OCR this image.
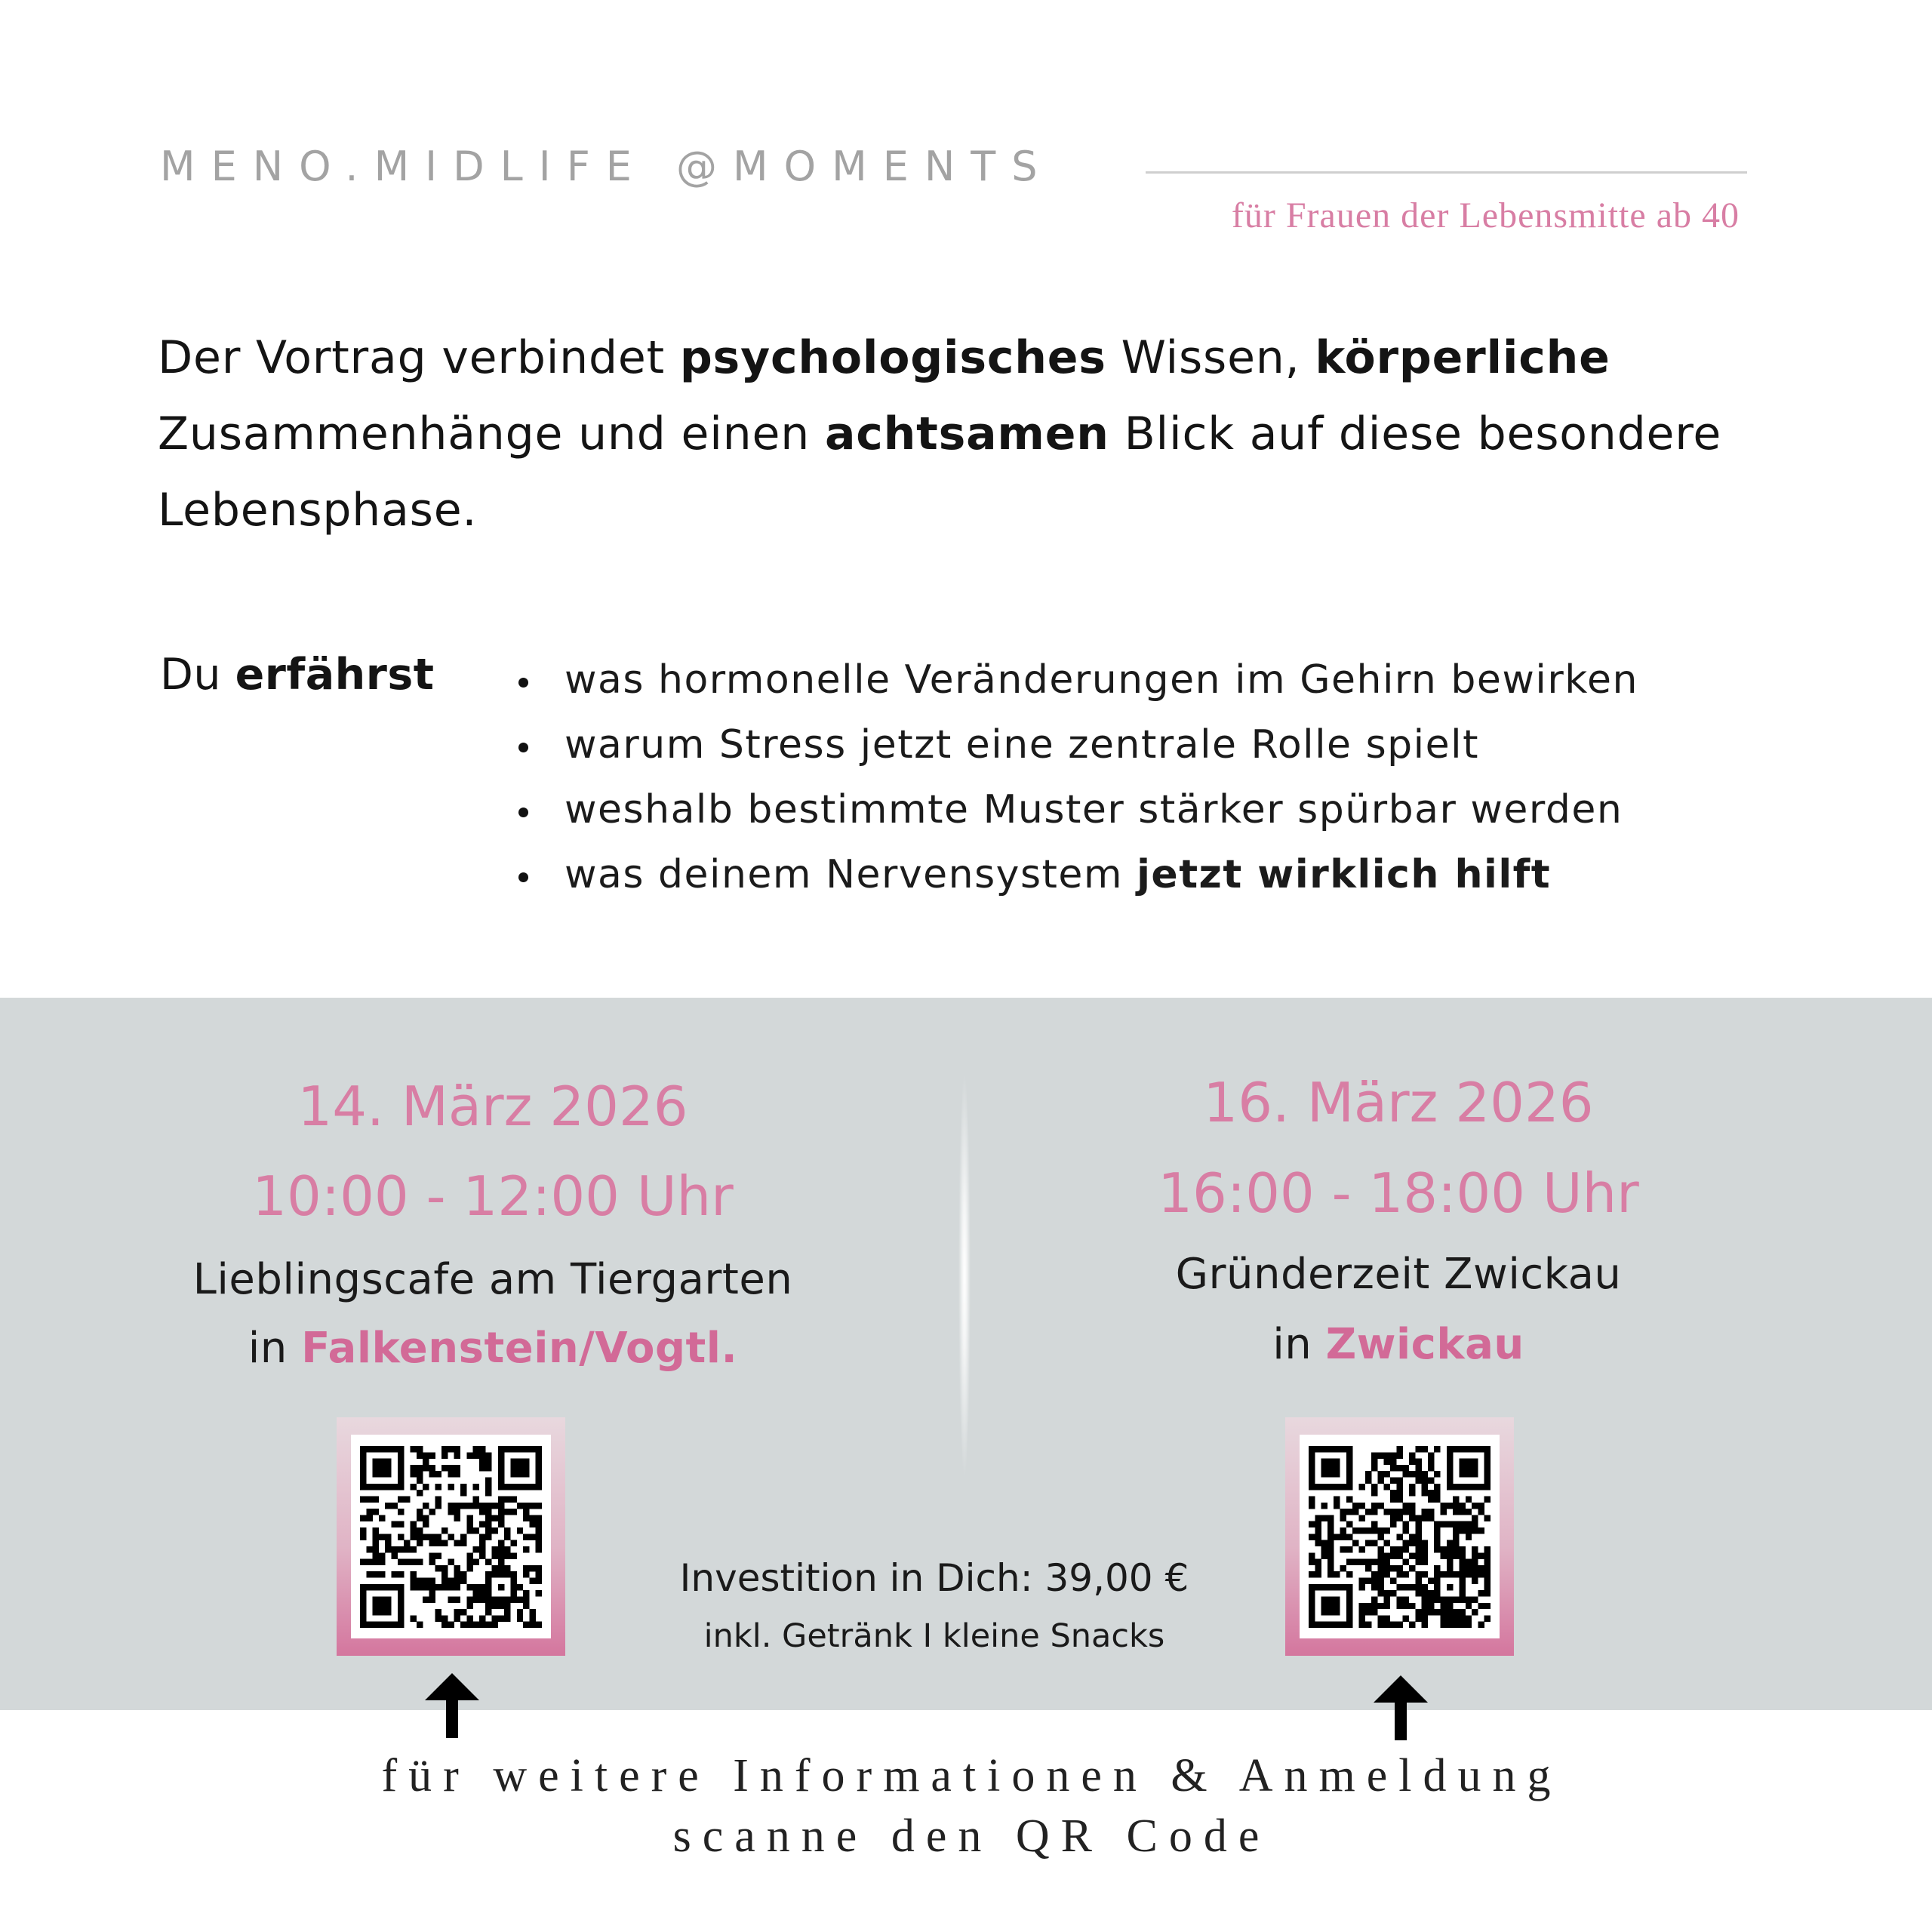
MENO.MIDLIFE @MOMENTS
für Frauen der Lebensmitte ab 40
Der Vortrag verbindet psychologisches Wissen, körperliche
Zusammenhänge und einen achtsamen Blick auf diese besondere
Lebensphase.
Du erfährst	was hormonelle Veränderungen im Gehirn bewirken
warum Stress jetzt eine zentrale Rolle spielt
weshalb bestimmte Muster stärker spürbar werden
was deinem Nervensystem jetzt wirklich hilft
14. März 2026
10:00 - 12:00 Uhr
Lieblingscafe am Tiergarten
in Falkenstein/Vogtl.
16. März 2026
16:00 - 18:00 Uhr
Gründerzeit Zwickau
in Zwickau
Investition in Dich: 39,00 €
inkl. Getränk I kleine Snacks
für weitere Informationen & Anmeldung
scanne den QR Code
